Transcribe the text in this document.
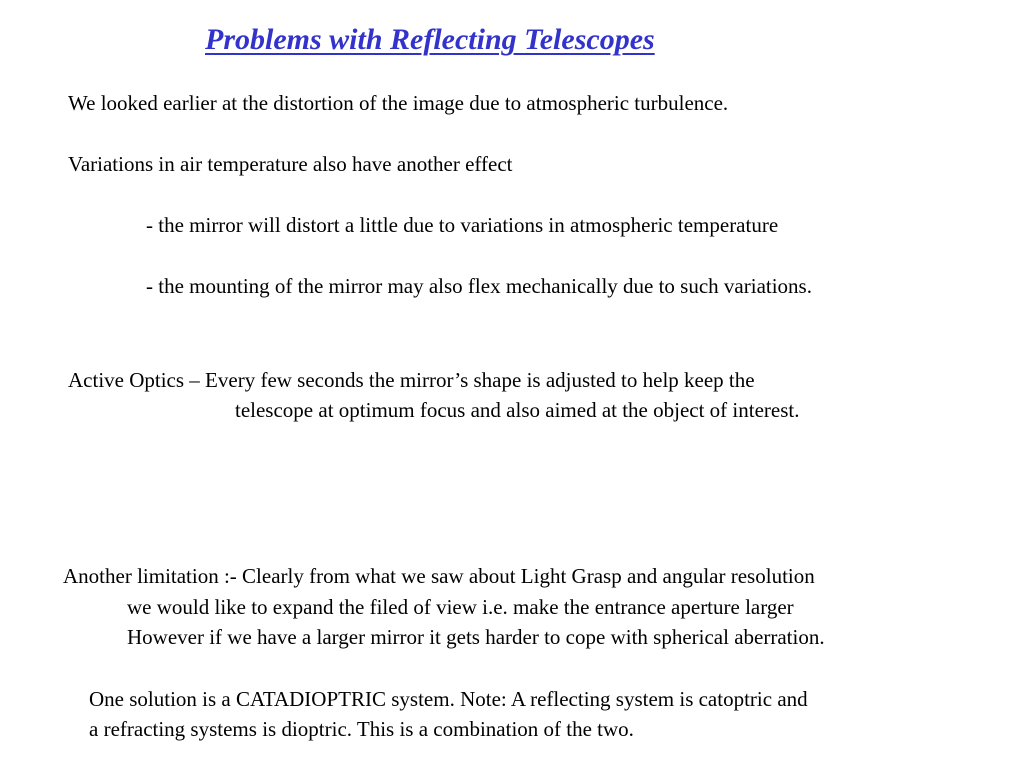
Problems with Reflecting Telescopes
We looked earlier at the distortion of the image due to atmospheric turbulence.
Variations in air temperature also have another effect
- the mirror will distort a little due to variations in atmospheric temperature
- the mounting of the mirror may also flex mechanically due to such variations.
Active Optics – Every few seconds the mirror’s shape is adjusted to help keep the
telescope at optimum focus and also aimed at the object of interest.
Another limitation :- Clearly from what we saw about Light Grasp and angular resolution
we would like to expand the filed of view i.e. make the entrance aperture larger
However if we have a larger mirror it gets harder to cope with spherical aberration.
One solution is a CATADIOPTRIC system. Note: A reflecting system is catoptric and
a refracting systems is dioptric. This is a combination of the two.
